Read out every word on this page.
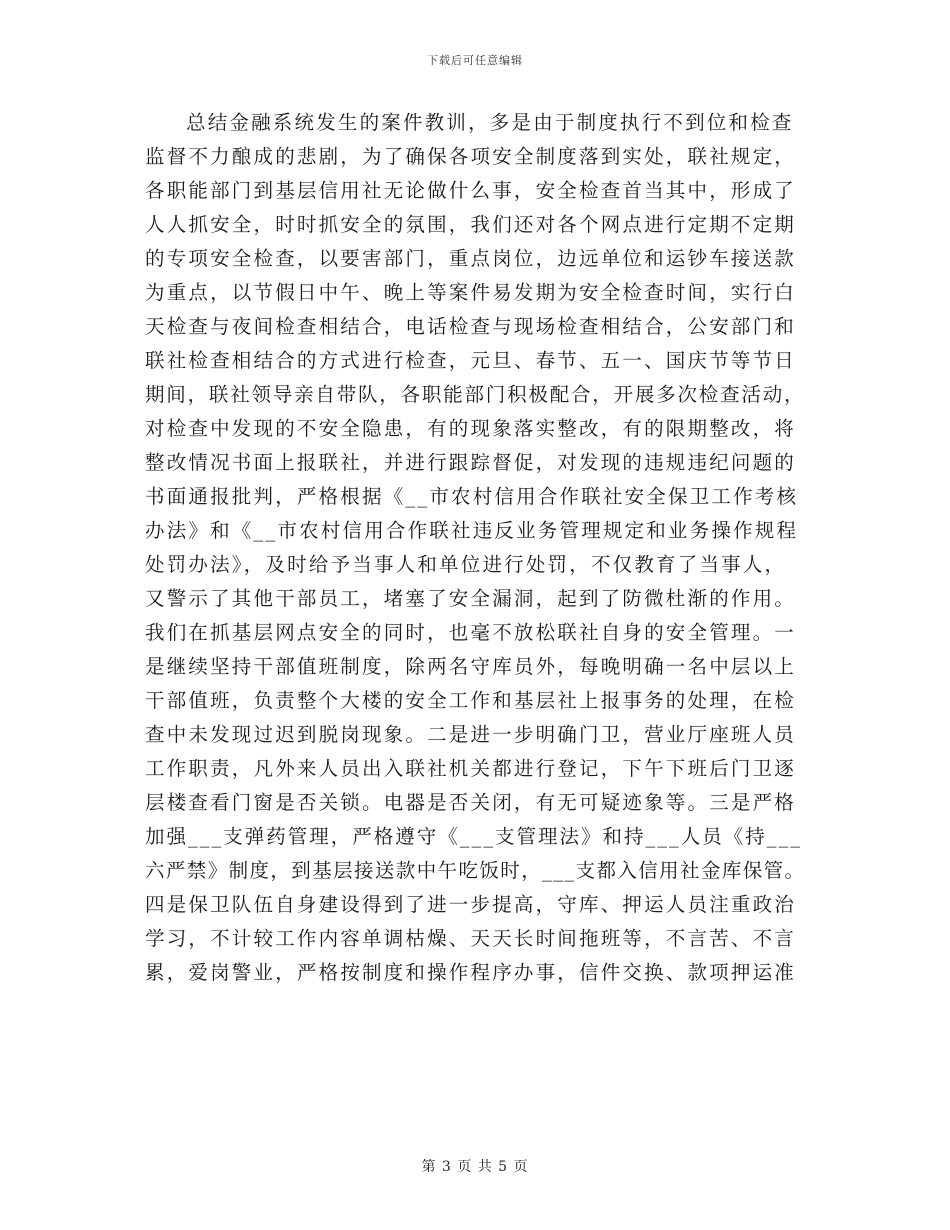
下载后可任意编辑
总结金融系统发生的案件教训，多是由于制度执行不到位和检查
监督不力酿成的悲剧，为了确保各项安全制度落到实处，联社规定，
各职能部门到基层信用社无论做什么事，安全检查首当其中，形成了
人人抓安全，时时抓安全的氛围，我们还对各个网点进行定期不定期
的专项安全检查，以要害部门，重点岗位，边远单位和运钞车接送款
为重点，以节假日中午、晚上等案件易发期为安全检查时间，实行白
天检查与夜间检查相结合，电话检查与现场检查相结合，公安部门和
联社检查相结合的方式进行检查，元旦、春节、五一、国庆节等节日
期间，联社领导亲自带队，各职能部门积极配合，开展多次检查活动，
对检查中发现的不安全隐患，有的现象落实整改，有的限期整改，将
整改情况书面上报联社，并进行跟踪督促，对发现的违规违纪问题的
书面通报批判，严格根据《__市农村信用合作联社安全保卫工作考核
办法》和《__市农村信用合作联社违反业务管理规定和业务操作规程
处罚办法》，及时给予当事人和单位进行处罚，不仅教育了当事人，
又警示了其他干部员工，堵塞了安全漏洞，起到了防微杜渐的作用。
我们在抓基层网点安全的同时，也毫不放松联社自身的安全管理。一
是继续坚持干部值班制度，除两名守库员外，每晚明确一名中层以上
干部值班，负责整个大楼的安全工作和基层社上报事务的处理，在检
查中未发现过迟到脱岗现象。二是进一步明确门卫，营业厅座班人员
工作职责，凡外来人员出入联社机关都进行登记，下午下班后门卫逐
层楼查看门窗是否关锁。电器是否关闭，有无可疑迹象等。三是严格
加强___支弹药管理，严格遵守《___支管理法》和持___人员《持___
六严禁》制度，到基层接送款中午吃饭时，___支都入信用社金库保管。
四是保卫队伍自身建设得到了进一步提高，守库、押运人员注重政治
学习，不计较工作内容单调枯燥、天天长时间拖班等，不言苦、不言
累，爱岗警业，严格按制度和操作程序办事，信件交换、款项押运准
第 3 页 共 5 页
